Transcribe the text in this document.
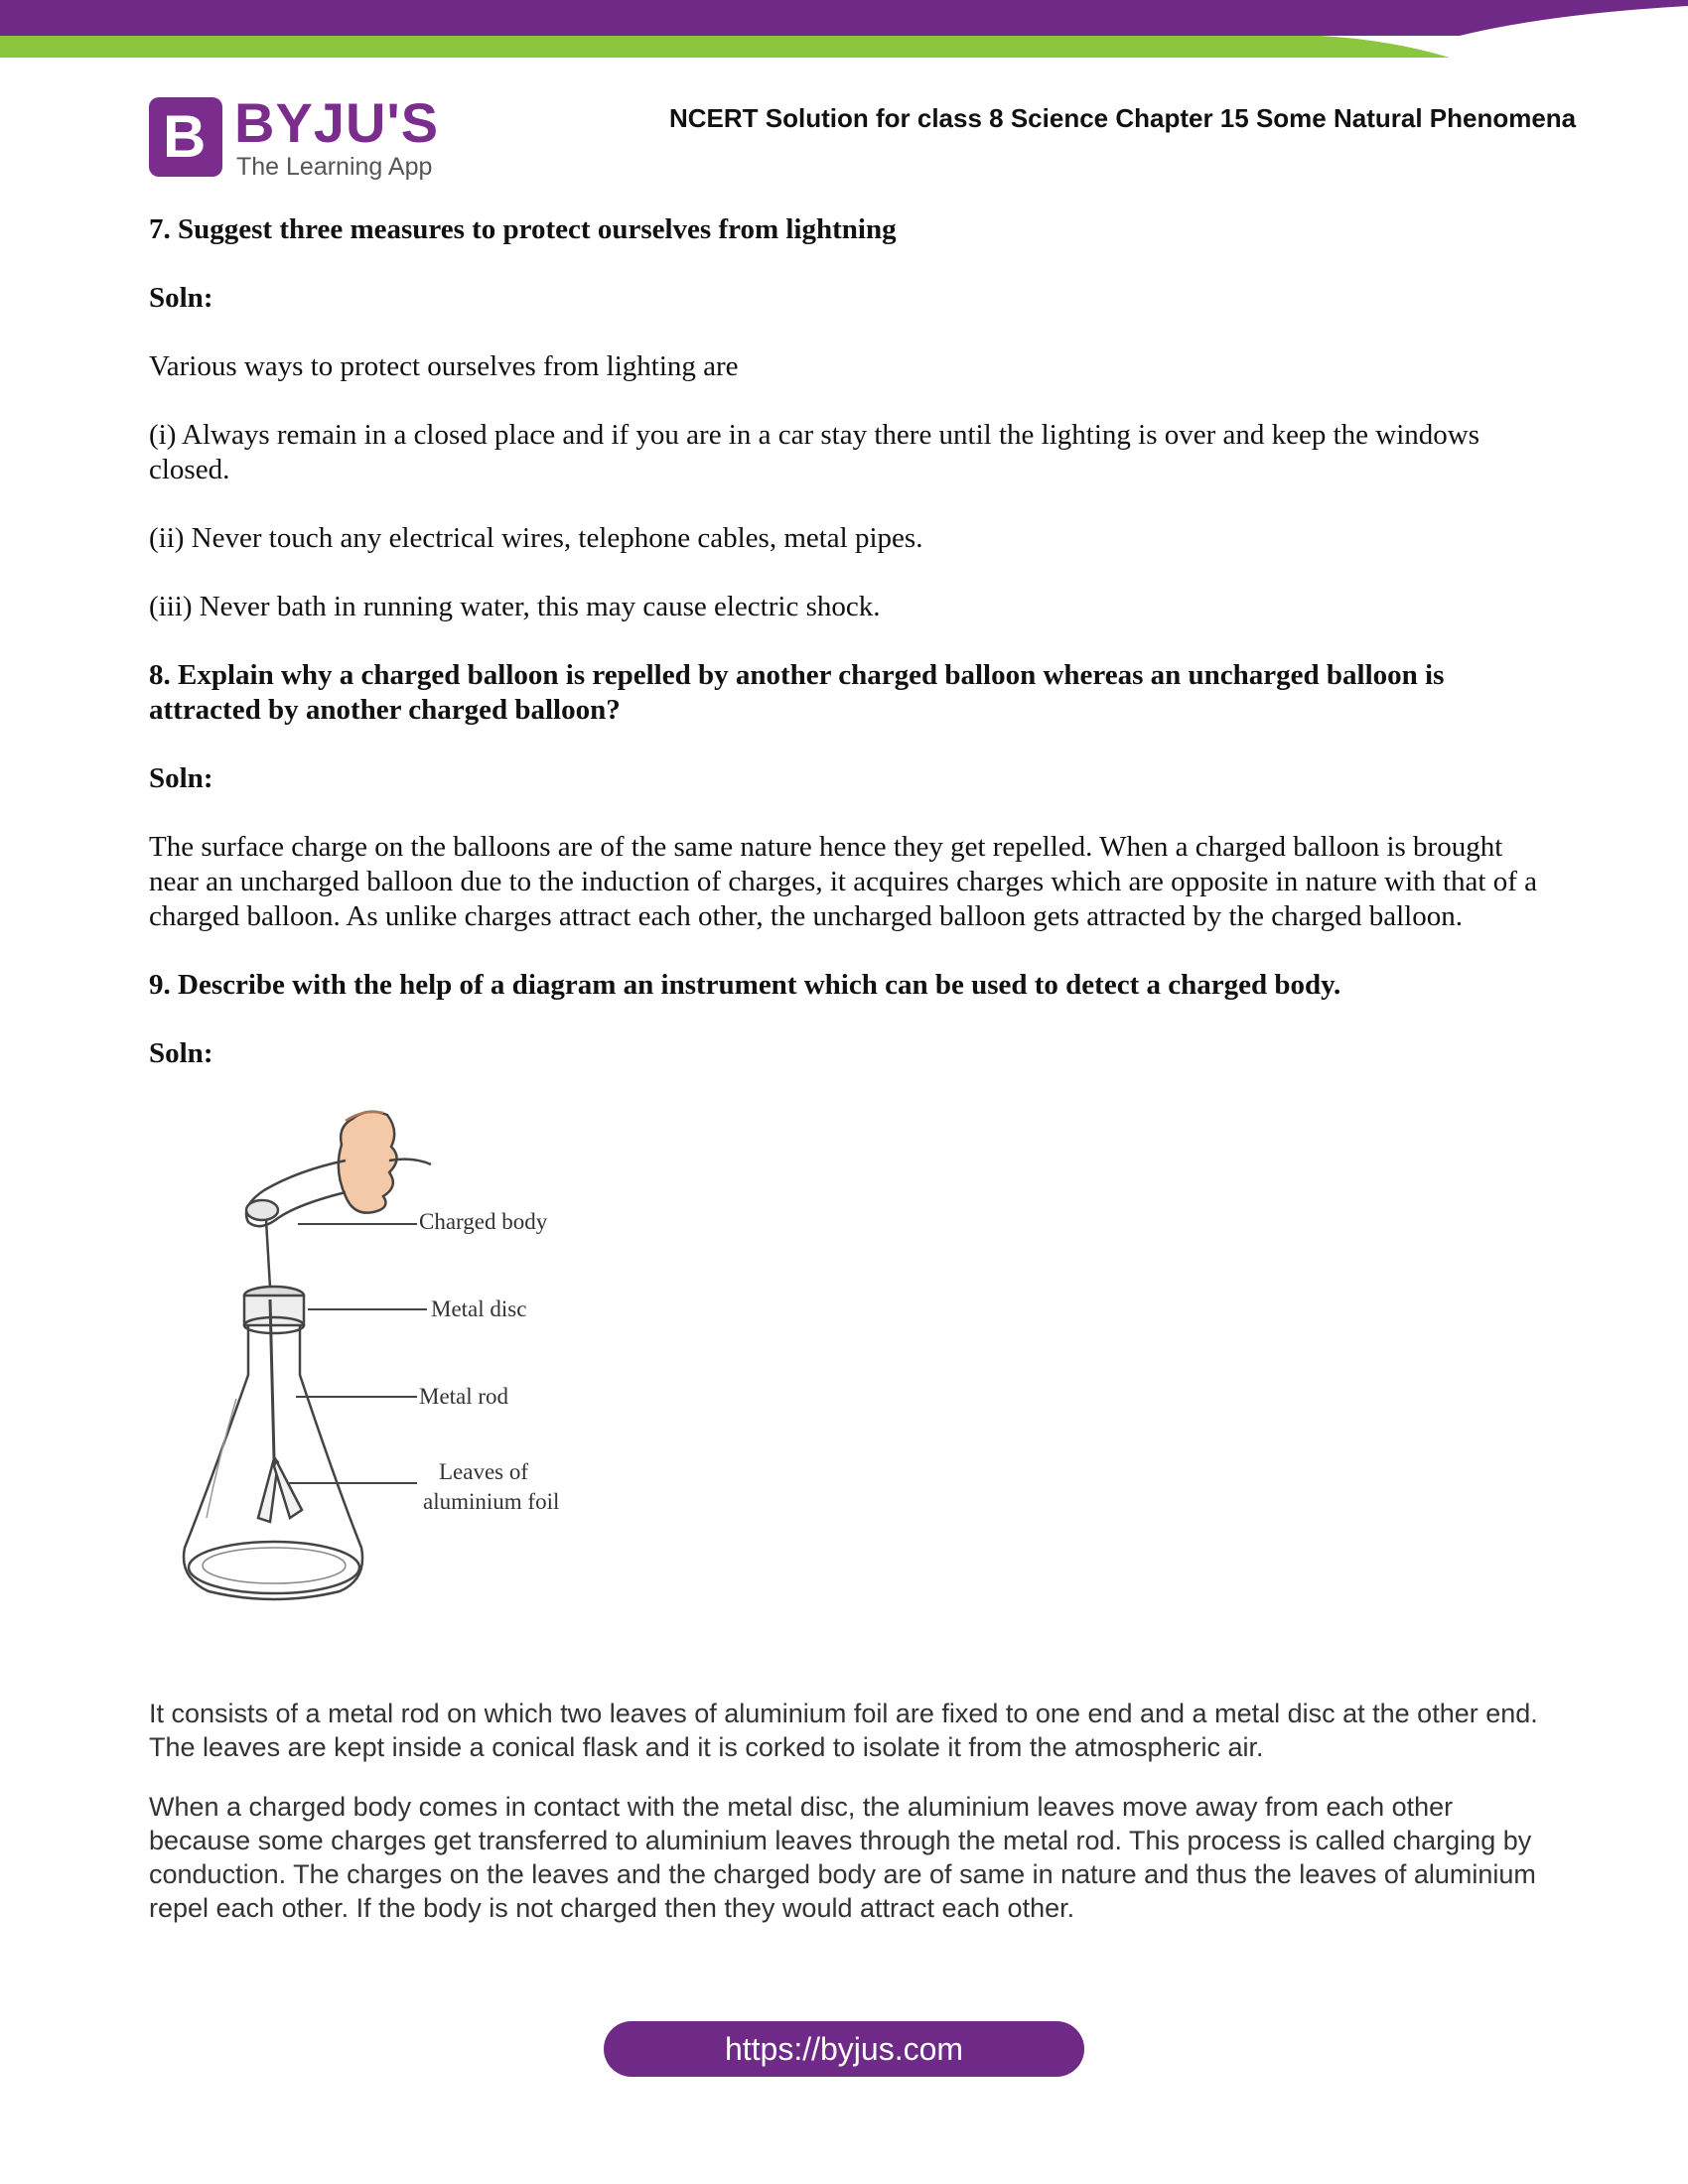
B BYJU'S
The Learning App
NCERT Solution for class 8 Science Chapter 15 Some Natural Phenomena

7. Suggest three measures to protect ourselves from lightning

Soln:

Various ways to protect ourselves from lighting are

(i) Always remain in a closed place and if you are in a car stay there until the lighting is over and keep the windows closed.

(ii) Never touch any electrical wires, telephone cables, metal pipes.

(iii) Never bath in running water, this may cause electric shock.

8. Explain why a charged balloon is repelled by another charged balloon whereas an uncharged balloon is attracted by another charged balloon?

Soln:

The surface charge on the balloons are of the same nature hence they get repelled. When a charged balloon is brought near an uncharged balloon due to the induction of charges, it acquires charges which are opposite in nature with that of a charged balloon. As unlike charges attract each other, the uncharged balloon gets attracted by the charged balloon.

9. Describe with the help of a diagram an instrument which can be used to detect a charged body.

Soln:

Charged body
Metal disc
Metal rod
Leaves of
aluminium foil

It consists of a metal rod on which two leaves of aluminium foil are fixed to one end and a metal disc at the other end. The leaves are kept inside a conical flask and it is corked to isolate it from the atmospheric air.

When a charged body comes in contact with the metal disc, the aluminium leaves move away from each other because some charges get transferred to aluminium leaves through the metal rod. This process is called charging by conduction. The charges on the leaves and the charged body are of same in nature and thus the leaves of aluminium repel each other. If the body is not charged then they would attract each other.

https://byjus.com
